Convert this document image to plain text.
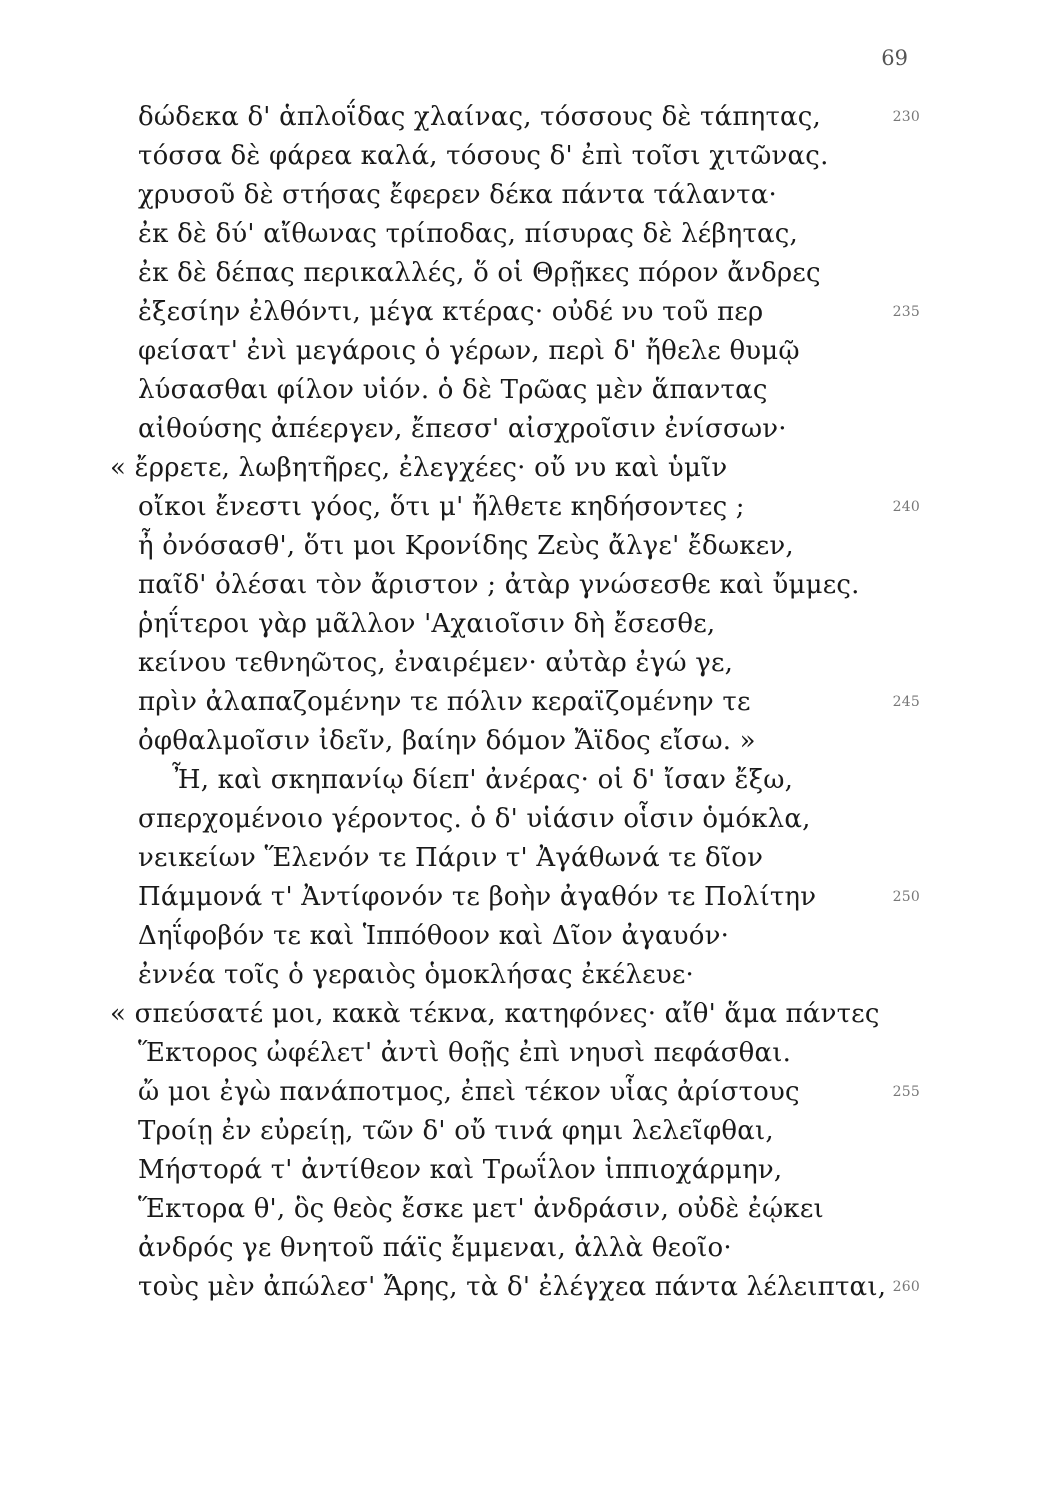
69
δώδεκα δ' ἁπλοΐδας χλαίνας, τόσσους δὲ τάπητας,	230
τόσσα δὲ φάρεα καλά, τόσους δ' ἐπὶ τοῖσι χιτῶνας.
χρυσοῦ δὲ στήσας ἔφερεν δέκα πάντα τάλαντα·
ἐκ δὲ δύ' αἴθωνας τρίποδας, πίσυρας δὲ λέβητας,
ἐκ δὲ δέπας περικαλλές, ὅ οἱ Θρῇκες πόρον ἄνδρες
ἐξεσίην ἐλθόντι, μέγα κτέρας· οὐδέ νυ τοῦ περ	235
φείσατ' ἐνὶ μεγάροις ὁ γέρων, περὶ δ' ἤθελε θυμῷ
λύσασθαι φίλον υἱόν. ὁ δὲ Τρῶας μὲν ἅπαντας
αἰθούσης ἀπέεργεν, ἔπεσσ' αἰσχροῖσιν ἐνίσσων·
« ἔρρετε, λωβητῆρες, ἐλεγχέες· οὔ νυ καὶ ὑμῖν
οἴκοι ἔνεστι γόος, ὅτι μ' ἤλθετε κηδήσοντες ;	240
ἦ ὀνόσασθ', ὅτι μοι Κρονίδης Ζεὺς ἄλγε' ἔδωκεν,
παῖδ' ὀλέσαι τὸν ἄριστον ; ἀτὰρ γνώσεσθε καὶ ὔμμες.
ῥηΐτεροι γὰρ μᾶλλον 'Αχαιοῖσιν δὴ ἔσεσθε,
κείνου τεθνηῶτος, ἐναιρέμεν· αὐτὰρ ἐγώ γε,
πρὶν ἀλαπαζομένην τε πόλιν κεραϊζομένην τε	245
ὀφθαλμοῖσιν ἰδεῖν, βαίην δόμον Ἄϊδος εἴσω. »
Ἦ, καὶ σκηπανίῳ δίεπ' ἀνέρας· οἱ δ' ἴσαν ἔξω,
σπερχομένοιο γέροντος. ὁ δ' υἱάσιν οἷσιν ὁμόκλα,
νεικείων Ἕλενόν τε Πάριν τ' Ἀγάθωνά τε δῖον
Πάμμονά τ' Ἀντίφονόν τε βοὴν ἀγαθόν τε Πολίτην	250
Δηΐφοβόν τε καὶ Ἱππόθοον καὶ Δῖον ἀγαυόν·
ἐννέα τοῖς ὁ γεραιὸς ὁμοκλήσας ἐκέλευε·
« σπεύσατέ μοι, κακὰ τέκνα, κατηφόνες· αἴθ' ἅμα πάντες
Ἕκτορος ὠφέλετ' ἀντὶ θοῇς ἐπὶ νηυσὶ πεφάσθαι.
ὤ μοι ἐγὼ πανάποτμος, ἐπεὶ τέκον υἷας ἀρίστους	255
Τροίῃ ἐν εὐρείῃ, τῶν δ' οὔ τινά φημι λελεῖφθαι,
Μήστορά τ' ἀντίθεον καὶ Τρωΐλον ἱππιοχάρμην,
Ἕκτορα θ', ὃς θεὸς ἔσκε μετ' ἀνδράσιν, οὐδὲ ἐῴκει
ἀνδρός γε θνητοῦ πάϊς ἔμμεναι, ἀλλὰ θεοῖο·
τοὺς μὲν ἀπώλεσ' Ἄρης, τὰ δ' ἐλέγχεα πάντα λέλειπται, 260
